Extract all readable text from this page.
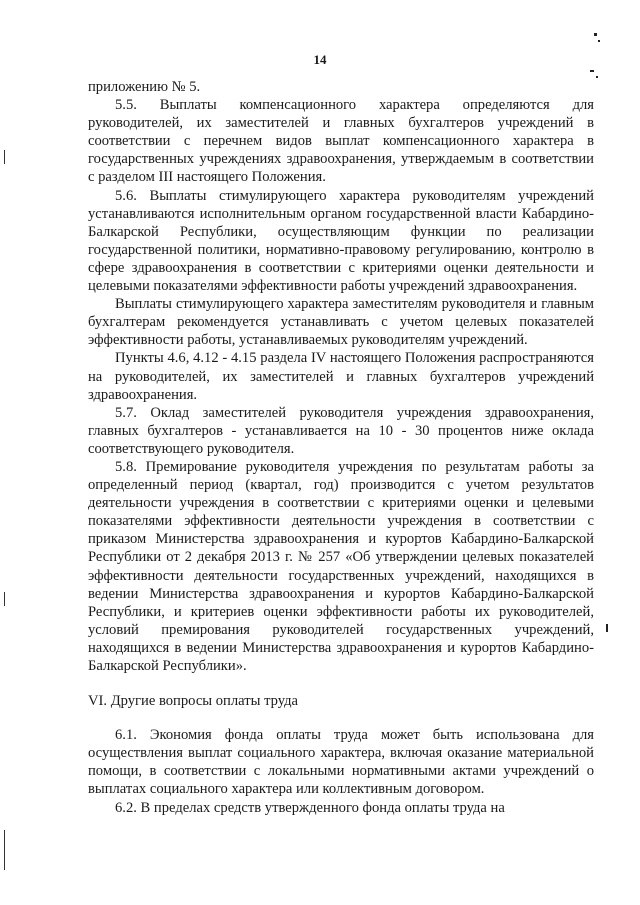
14

приложению № 5.

5.5. Выплаты компенсационного характера определяются для руководителей, их заместителей и главных бухгалтеров учреждений в соответствии с перечнем видов выплат компенсационного характера в государственных учреждениях здравоохранения, утверждаемым в соответствии с разделом III настоящего Положения.

5.6. Выплаты стимулирующего характера руководителям учреждений устанавливаются исполнительным органом государственной власти Кабардино-Балкарской Республики, осуществляющим функции по реализации государственной политики, нормативно-правовому регулированию, контролю в сфере здравоохранения в соответствии с критериями оценки деятельности и целевыми показателями эффективности работы учреждений здравоохранения.

Выплаты стимулирующего характера заместителям руководителя и главным бухгалтерам рекомендуется устанавливать с учетом целевых показателей эффективности работы, устанавливаемых руководителям учреждений.

Пункты 4.6, 4.12 - 4.15 раздела IV настоящего Положения распространяются на руководителей, их заместителей и главных бухгалтеров учреждений здравоохранения.

5.7. Оклад заместителей руководителя учреждения здравоохранения, главных бухгалтеров - устанавливается на 10 - 30 процентов ниже оклада соответствующего руководителя.

5.8. Премирование руководителя учреждения по результатам работы за определенный период (квартал, год) производится с учетом результатов деятельности учреждения в соответствии с критериями оценки и целевыми показателями эффективности деятельности учреждения в соответствии с приказом Министерства здравоохранения и курортов Кабардино-Балкарской Республики от 2 декабря 2013 г. № 257 «Об утверждении целевых показателей эффективности деятельности государственных учреждений, находящихся в ведении Министерства здравоохранения и курортов Кабардино-Балкарской Республики, и критериев оценки эффективности работы их руководителей, условий премирования руководителей государственных учреждений, находящихся в ведении Министерства здравоохранения и курортов Кабардино-Балкарской Республики».

VI. Другие вопросы оплаты труда

6.1. Экономия фонда оплаты труда может быть использована для осуществления выплат социального характера, включая оказание материальной помощи, в соответствии с локальными нормативными актами учреждений о выплатах социального характера или коллективным договором.

6.2. В пределах средств утвержденного фонда оплаты труда на
